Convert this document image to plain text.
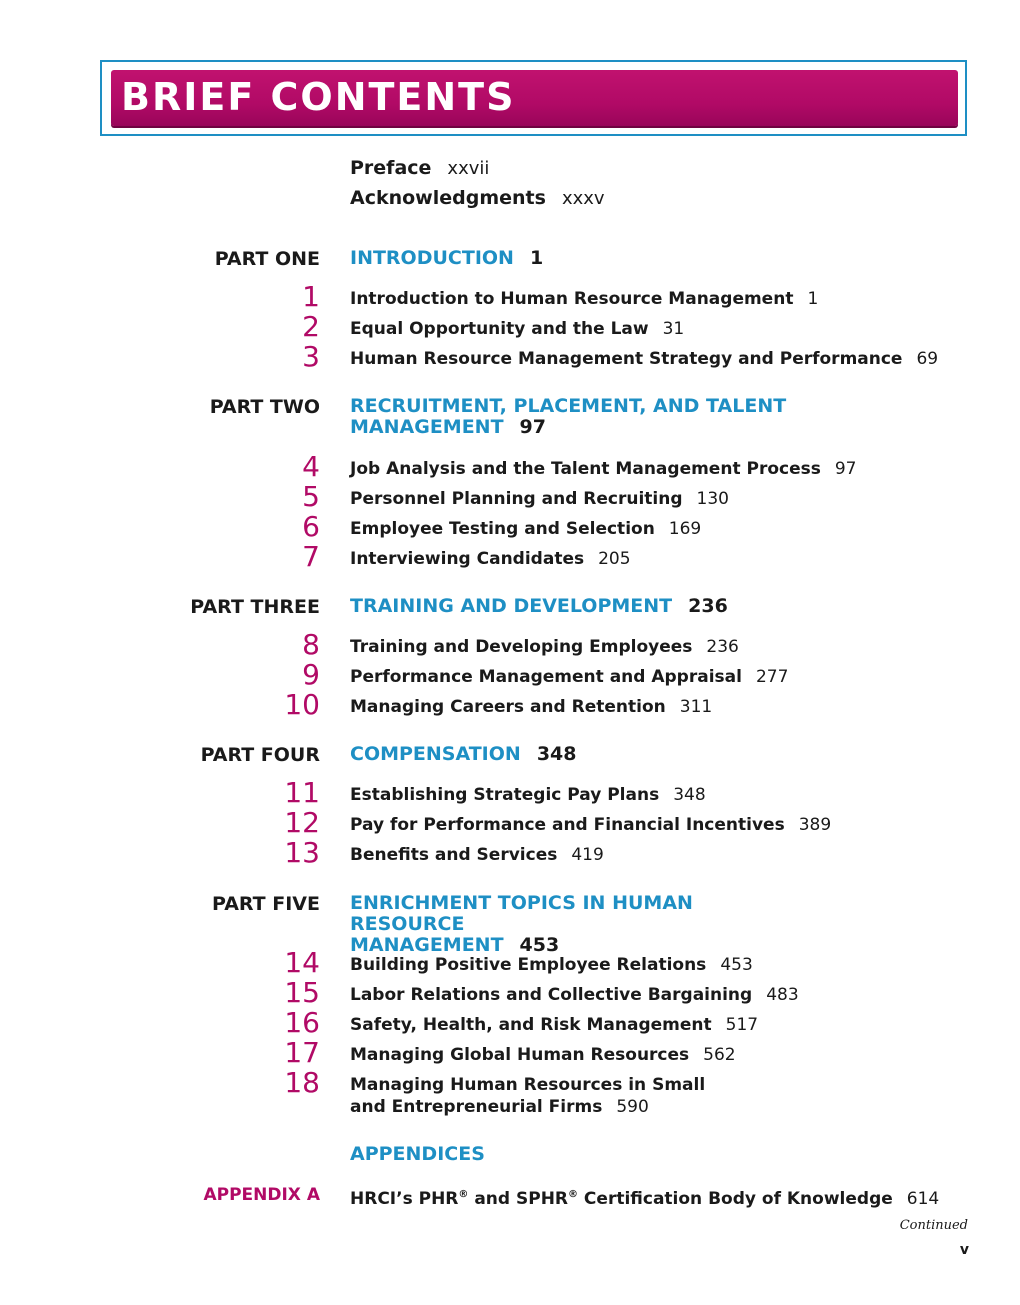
BRIEF CONTENTS
Preface xxvii
Acknowledgments xxxv
PART ONE INTRODUCTION 1
1 Introduction to Human Resource Management 1
2 Equal Opportunity and the Law 31
3 Human Resource Management Strategy and Performance 69
PART TWO RECRUITMENT, PLACEMENT, AND TALENT
MANAGEMENT 97
4 Job Analysis and the Talent Management Process 97
5 Personnel Planning and Recruiting 130
6 Employee Testing and Selection 169
7 Interviewing Candidates 205
PART THREE TRAINING AND DEVELOPMENT 236
8 Training and Developing Employees 236
9 Performance Management and Appraisal 277
10 Managing Careers and Retention 311
PART FOUR COMPENSATION 348
11 Establishing Strategic Pay Plans 348
12 Pay for Performance and Financial Incentives 389
13 Benefits and Services 419
PART FIVE ENRICHMENT TOPICS IN HUMAN RESOURCE
MANAGEMENT 453
14 Building Positive Employee Relations 453
15 Labor Relations and Collective Bargaining 483
16 Safety, Health, and Risk Management 517
17 Managing Global Human Resources 562
18 Managing Human Resources in Small
and Entrepreneurial Firms 590
APPENDICES
APPENDIX A HRCI’s PHR® and SPHR® Certification Body of Knowledge 614
Continued
v
